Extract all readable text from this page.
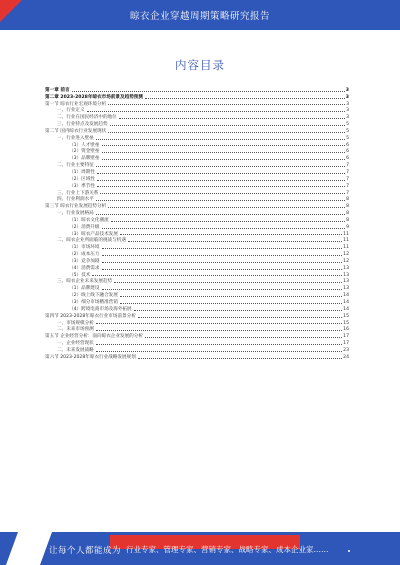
晾衣企业穿越周期策略研究报告
内容目录
第一章 前言	3
第二章 2023-2028年晾衣市场前景及趋势预测	3
第一节 晾衣行业宏观环境分析	3
一、行业定义	3
二、行业在国民经济中的地位	3
三、行业特点及发展趋势	5
第二节 国内晾衣行业发展现状	5
一、行业进入壁垒	5
（1）人才壁垒	6
（2）资金壁垒	6
（3）品牌壁垒	6
二、行业主要特征	7
（1）周期性	7
（2）区域性	7
（3）季节性	7
三、行业上下游关系	7
四、行业利润水平	8
第三节 晾衣行业发展趋势分析	8
一、行业发展格局	8
（1）晾衣文化潮流	8
（2）消费升级	9
（3）晾衣产品技术发展	11
二、晾衣企业所面临的挑战与机遇	11
（1）市场环境	11
（2）成本压力	12
（3）竞争加剧	12
（4）消费需求	13
（5）技术	13
三、晾衣企业未来发展趋势	13
（1）品牌建设	13
（2）线上线下融合发展	14
（3）细分市场精准营销	14
（4）跨境电商市场及海外拓展	14
第四节 2023-2028年晾衣行业市场前景分析	15
一、市场规模分析	15
二、未来市场预测	16
第五节 企业经营分析：面向晾衣企业发展的分析	17
一、企业经营现状	17
二、未来发展战略	23
第六节 2023-2028年晾衣行业战略发展规划	24
让每个人都能成为 行业专家、管理专家、营销专家、战略专家、成本企业家……
